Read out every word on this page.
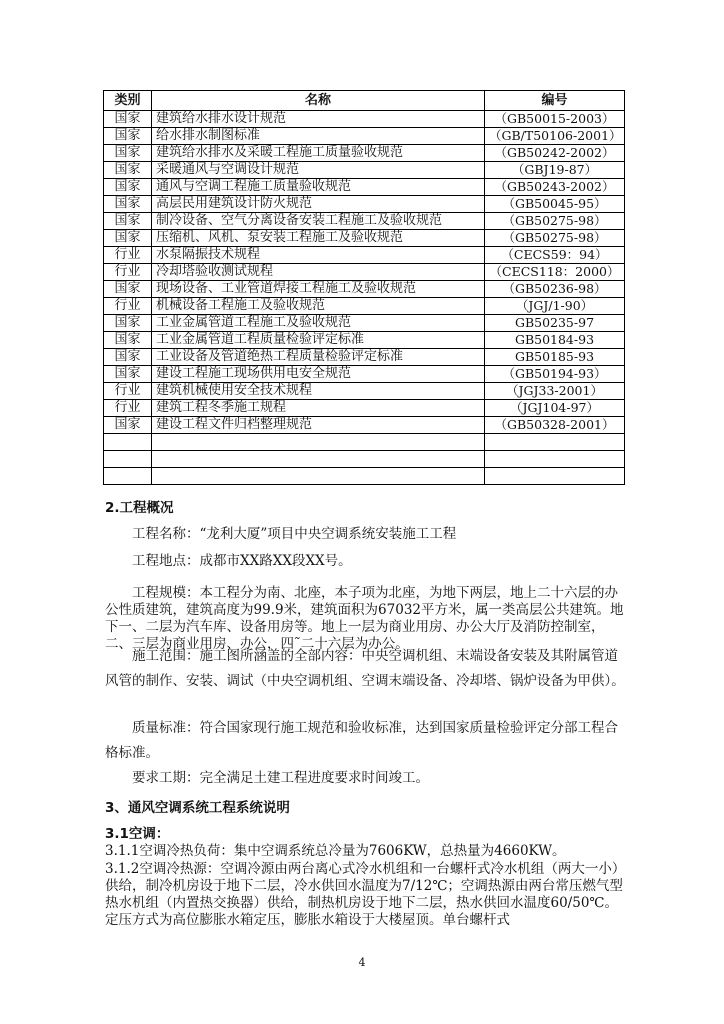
类别	名称	编号
国家	建筑给水排水设计规范	（GB50015-2003）
国家	给水排水制图标准	（GB/T50106-2001）
国家	建筑给水排水及采暖工程施工质量验收规范	（GB50242-2002）
国家	采暖通风与空调设计规范	（GBJ19-87）
国家	通风与空调工程施工质量验收规范	（GB50243-2002）
国家	高层民用建筑设计防火规范	（GB50045-95）
国家	制冷设备、空气分离设备安装工程施工及验收规范	（GB50275-98）
国家	压缩机、风机、泵安装工程施工及验收规范	（GB50275-98）
行业	水泵隔振技术规程	（CECS59：94）
行业	冷却塔验收测试规程	（CECS118：2000）
国家	现场设备、工业管道焊接工程施工及验收规范	（GB50236-98）
行业	机械设备工程施工及验收规范	（JGJ/1-90）
国家	工业金属管道工程施工及验收规范	GB50235-97
国家	工业金属管道工程质量检验评定标准	GB50184-93
国家	工业设备及管道绝热工程质量检验评定标准	GB50185-93
国家	建设工程施工现场供用电安全规范	（GB50194-93）
行业	建筑机械使用安全技术规程	（JGJ33-2001）
行业	建筑工程冬季施工规程	（JGJ104-97）
国家	建设工程文件归档整理规范	（GB50328-2001）

2.工程概况
工程名称：“龙利大厦”项目中央空调系统安装施工工程
工程地点：成都市XX路XX段XX号。
工程规模：本工程分为南、北座，本子项为北座，为地下两层，地上二十六层的办公性质建筑，建筑高度为99.9米，建筑面积为67032平方米，属一类高层公共建筑。地下一、二层为汽车库、设备用房等。地上一层为商业用房、办公大厅及消防控制室，二、三层为商业用房、办公，四˜二十六层为办公。
施工范围：施工图所涵盖的全部内容：中央空调机组、末端设备安装及其附属管道风管的制作、安装、调试（中央空调机组、空调末端设备、冷却塔、锅炉设备为甲供）。
质量标准：符合国家现行施工规范和验收标准，达到国家质量检验评定分部工程合格标准。
要求工期：完全满足土建工程进度要求时间竣工。
3、通风空调系统工程系统说明
3.1空调：
3.1.1空调冷热负荷：集中空调系统总冷量为7606KW，总热量为4660KW。
3.1.2空调冷热源：空调冷源由两台离心式冷水机组和一台螺杆式冷水机组（两大一小）供给，制冷机房设于地下二层，冷水供回水温度为7/12℃；空调热源由两台常压燃气型热水机组（内置热交换器）供给，制热机房设于地下二层，热水供回水温度60/50℃。定压方式为高位膨胀水箱定压，膨胀水箱设于大楼屋顶。单台螺杆式
4
